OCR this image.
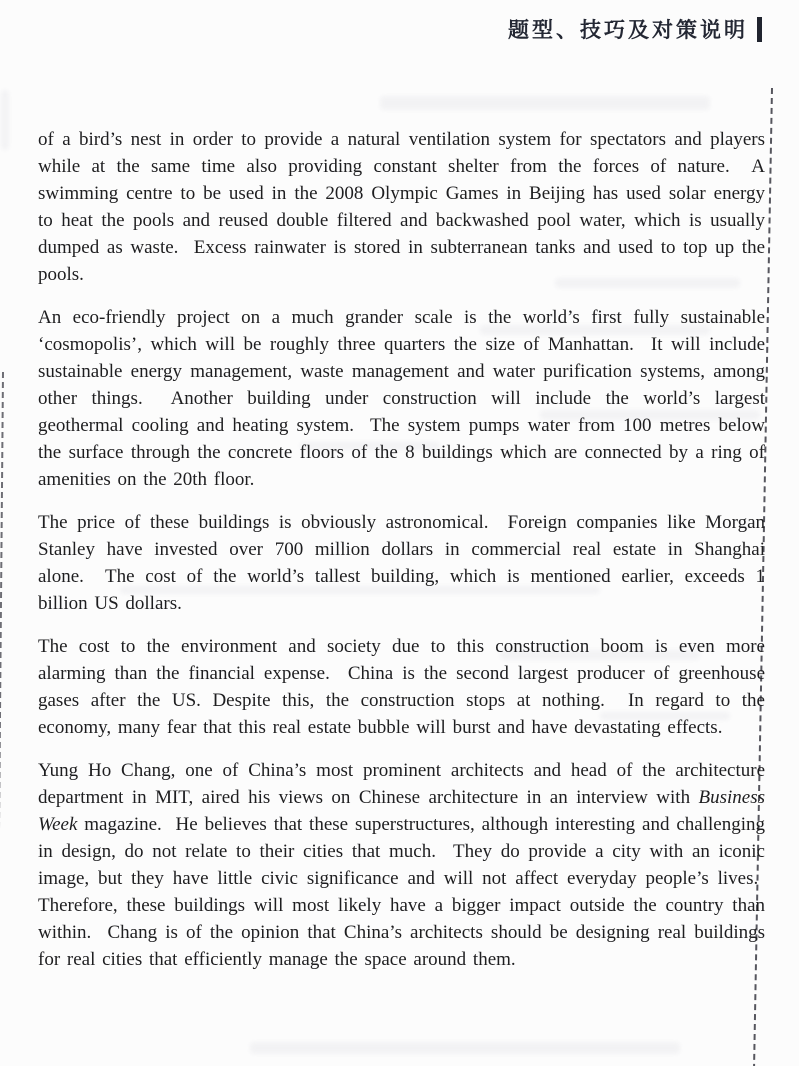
题型、技巧及对策说明

of a bird’s nest in order to provide a natural ventilation system for spectators and players while at the same time also providing constant shelter from the forces of nature.  A swimming centre to be used in the 2008 Olympic Games in Beijing has used solar energy to heat the pools and reused double filtered and backwashed pool water, which is usually dumped as waste.  Excess rainwater is stored in subterranean tanks and used to top up the pools.

An eco-friendly project on a much grander scale is the world’s first fully sustainable ‘cosmopolis’, which will be roughly three quarters the size of Manhattan.  It will include sustainable energy management, waste management and water purification systems, among other things.  Another building under construction will include the world’s largest geothermal cooling and heating system.  The system pumps water from 100 metres below the surface through the concrete floors of the 8 buildings which are connected by a ring of amenities on the 20th floor.

The price of these buildings is obviously astronomical.  Foreign companies like Morgan Stanley have invested over 700 million dollars in commercial real estate in Shanghai alone.  The cost of the world’s tallest building, which is mentioned earlier, exceeds 1 billion US dollars.

The cost to the environment and society due to this construction boom is even more alarming than the financial expense.  China is the second largest producer of greenhouse gases after the US. Despite this, the construction stops at nothing.  In regard to the economy, many fear that this real estate bubble will burst and have devastating effects.

Yung Ho Chang, one of China’s most prominent architects and head of the architecture department in MIT, aired his views on Chinese architecture in an interview with Business Week magazine.  He believes that these superstructures, although interesting and challenging in design, do not relate to their cities that much.  They do provide a city with an iconic image, but they have little civic significance and will not affect everyday people’s lives.  Therefore, these buildings will most likely have a bigger impact outside the country than within.  Chang is of the opinion that China’s architects should be designing real buildings for real cities that efficiently manage the space around them.
